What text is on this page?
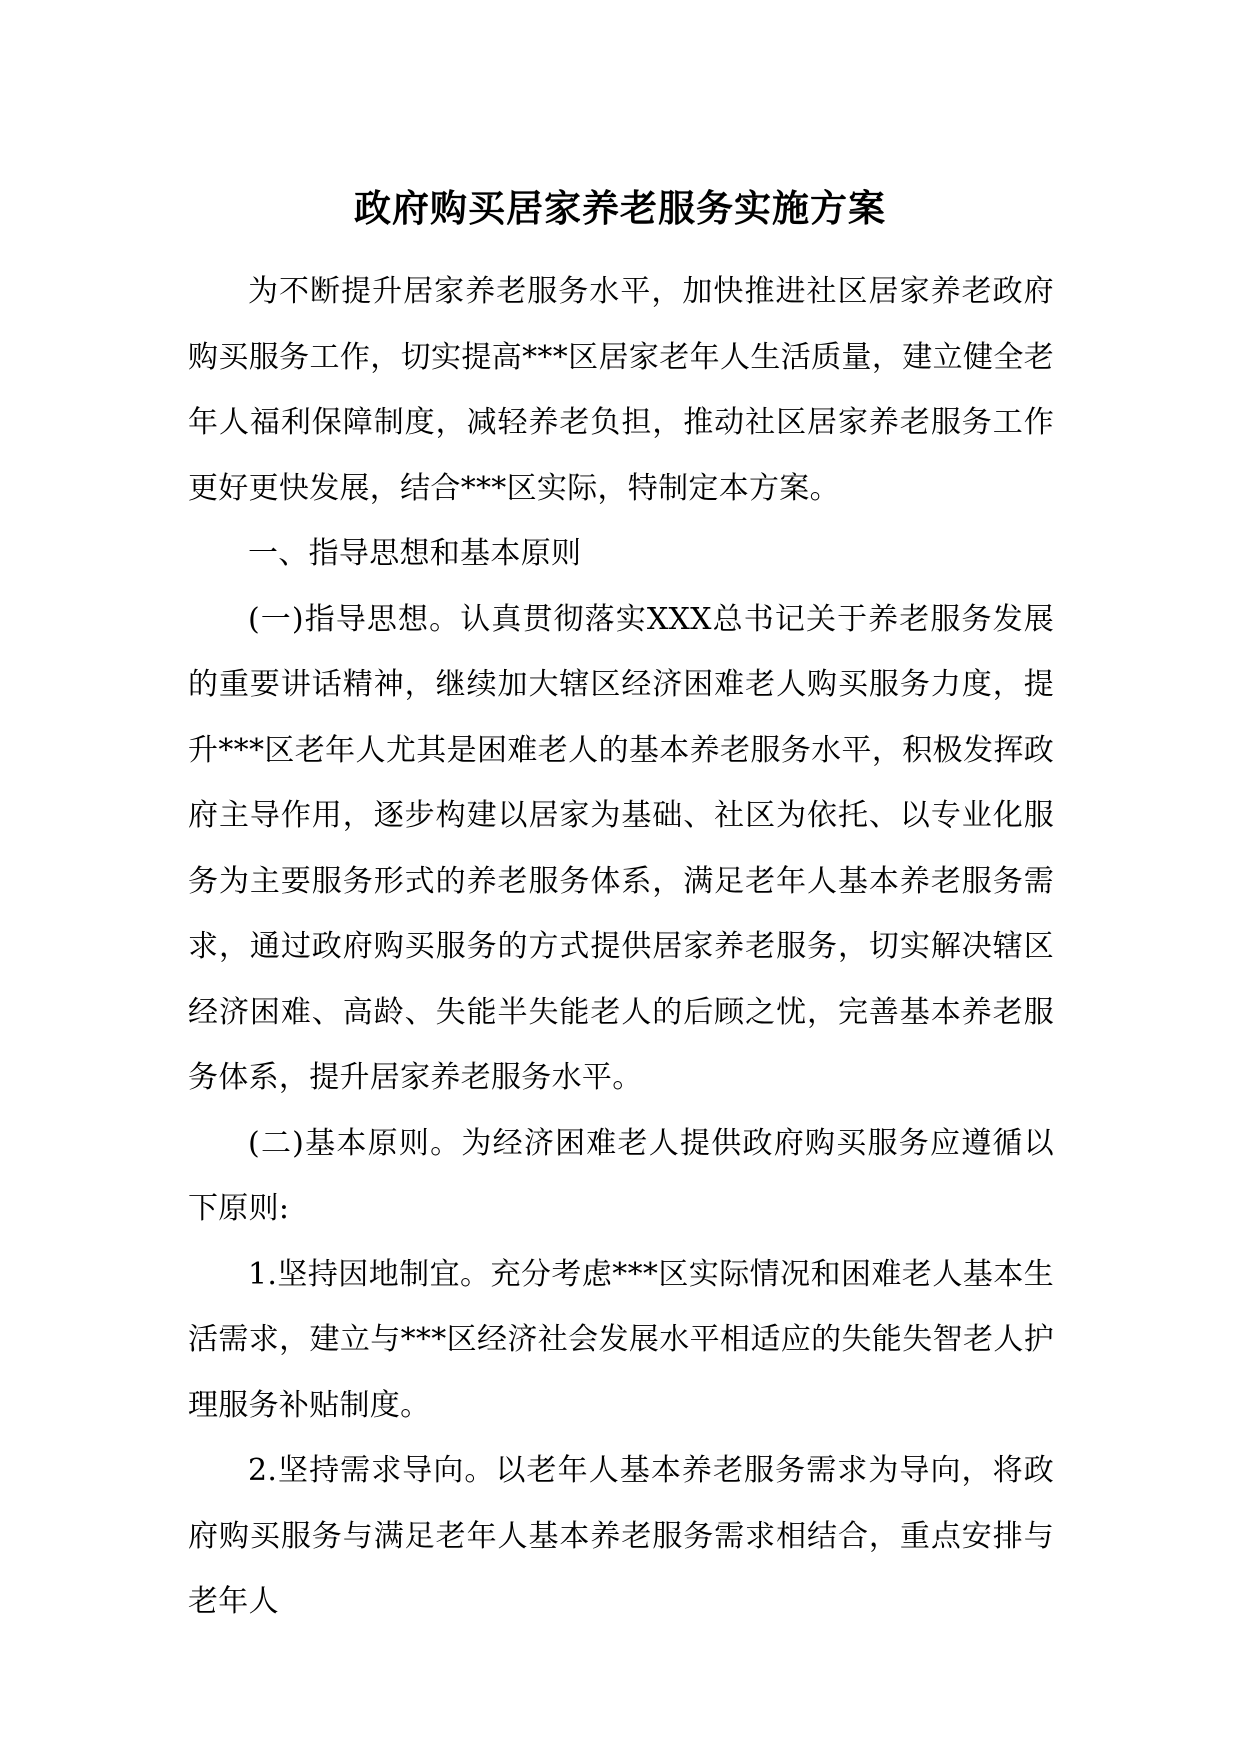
政府购买居家养老服务实施方案

为不断提升居家养老服务水平，加快推进社区居家养老政府购买服务工作，切实提高***区居家老年人生活质量，建立健全老年人福利保障制度，减轻养老负担，推动社区居家养老服务工作更好更快发展，结合***区实际，特制定本方案。

一、指导思想和基本原则

(一)指导思想。认真贯彻落实XXX总书记关于养老服务发展的重要讲话精神，继续加大辖区经济困难老人购买服务力度，提升***区老年人尤其是困难老人的基本养老服务水平，积极发挥政府主导作用，逐步构建以居家为基础、社区为依托、以专业化服务为主要服务形式的养老服务体系，满足老年人基本养老服务需求，通过政府购买服务的方式提供居家养老服务，切实解决辖区经济困难、高龄、失能半失能老人的后顾之忧，完善基本养老服务体系，提升居家养老服务水平。

(二)基本原则。为经济困难老人提供政府购买服务应遵循以下原则:

1.坚持因地制宜。充分考虑***区实际情况和困难老人基本生活需求，建立与***区经济社会发展水平相适应的失能失智老人护理服务补贴制度。

2.坚持需求导向。以老年人基本养老服务需求为导向，将政府购买服务与满足老年人基本养老服务需求相结合，重点安排与老年人
